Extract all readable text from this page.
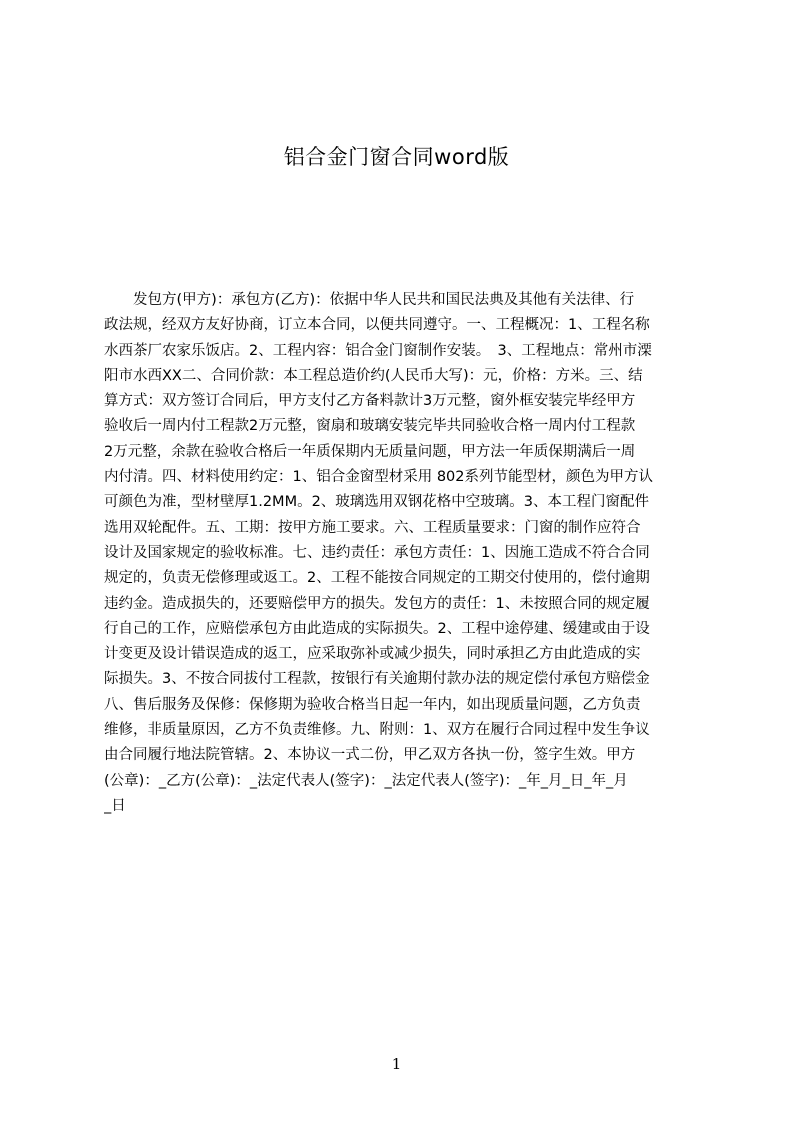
铝合金门窗合同word版
　　发包方(甲方)：承包方(乙方)：依据中华人民共和国民法典及其他有关法律、行
政法规，经双方友好协商，订立本合同，以便共同遵守。一、工程概况：1、工程名称
水西茶厂农家乐饭店。2、工程内容：铝合金门窗制作安装。　3、工程地点：常州市溧
阳市水西XX二、合同价款：本工程总造价约(人民币大写)：元，价格：方米。三、结
算方式：双方签订合同后，甲方支付乙方备料款计3万元整，窗外框安装完毕经甲方
验收后一周内付工程款2万元整，窗扇和玻璃安装完毕共同验收合格一周内付工程款
2万元整，余款在验收合格后一年质保期内无质量问题，甲方法一年质保期满后一周
内付清。四、材料使用约定：1、铝合金窗型材采用 802系列节能型材，颜色为甲方认
可颜色为准，型材壁厚1.2MM。2、玻璃选用双钢花格中空玻璃。3、本工程门窗配件
选用双轮配件。五、工期：按甲方施工要求。六、工程质量要求：门窗的制作应符合
设计及国家规定的验收标准。七、违约责任：承包方责任：1、因施工造成不符合合同
规定的，负责无偿修理或返工。2、工程不能按合同规定的工期交付使用的，偿付逾期
违约金。造成损失的，还要赔偿甲方的损失。发包方的责任：1、未按照合同的规定履
行自己的工作，应赔偿承包方由此造成的实际损失。2、工程中途停建、缓建或由于设
计变更及设计错误造成的返工，应采取弥补或减少损失，同时承担乙方由此造成的实
际损失。3、不按合同拔付工程款，按银行有关逾期付款办法的规定偿付承包方赔偿金
八、售后服务及保修：保修期为验收合格当日起一年内，如出现质量问题，乙方负责
维修，非质量原因，乙方不负责维修。九、附则：1、双方在履行合同过程中发生争议
由合同履行地法院管辖。2、本协议一式二份，甲乙双方各执一份，签字生效。甲方
(公章)：_乙方(公章)：_法定代表人(签字)：_法定代表人(签字)：_年_月_日_年_月
_日
1
